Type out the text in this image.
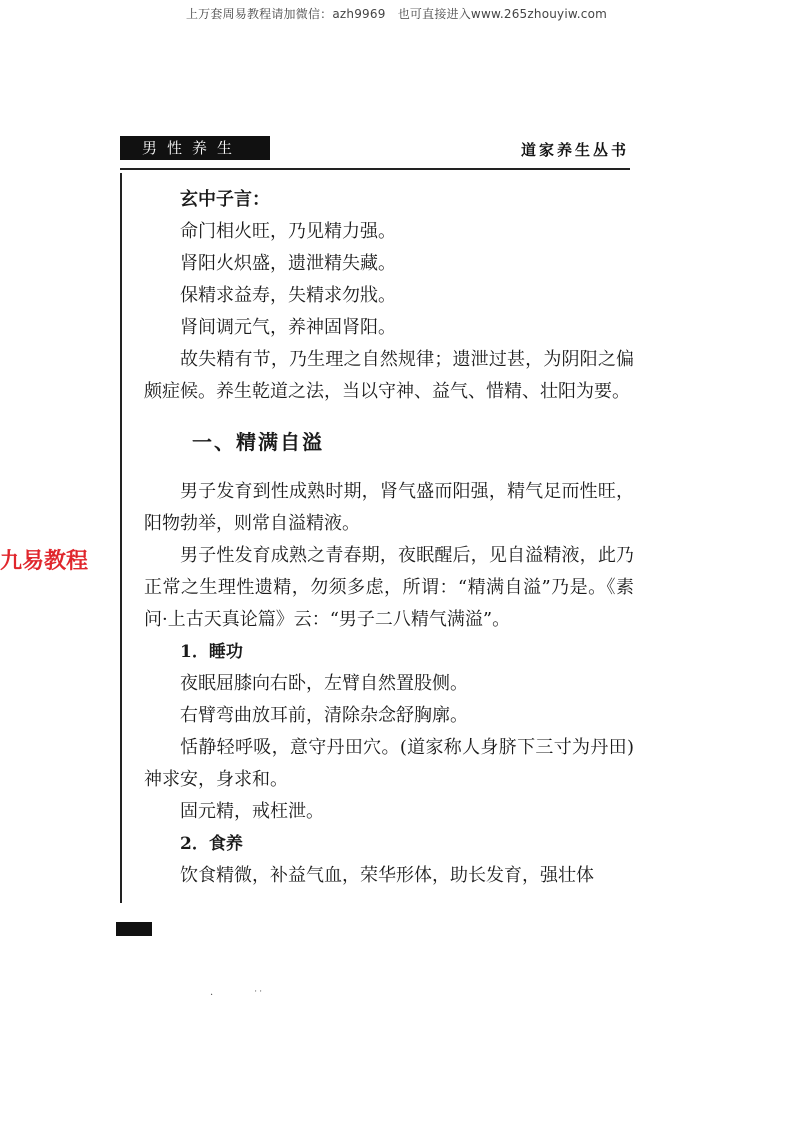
上万套周易教程请加微信：azh9969　也可直接进入www.265zhouyiw.com
男性养生	道家养生丛书
九易教程

玄中子言：

命门相火旺，乃见精力强。

肾阳火炽盛，遗泄精失藏。

保精求益寿，失精求勿戕。

肾间调元气，养神固肾阳。

故失精有节，乃生理之自然规律；遗泄过甚，为阴阳之偏颇症候。养生乾道之法，当以守神、益气、惜精、壮阳为要。

一、精满自溢

男子发育到性成熟时期，肾气盛而阳强，精气足而性旺，阳物勃举，则常自溢精液。

男子性发育成熟之青春期，夜眠醒后，见自溢精液，此乃正常之生理性遗精，勿须多虑，所谓：“精满自溢”乃是。《素问·上古天真论篇》云：“男子二八精气满溢”。

1．睡功

夜眠屈膝向右卧，左臂自然置股侧。

右臂弯曲放耳前，清除杂念舒胸廓。

恬静轻呼吸，意守丹田穴。(道家称人身脐下三寸为丹田)神求安，身求和。

固元精，戒枉泄。

2．食养

饮食精微，补益气血，荣华形体，助长发育，强壮体

·　　　　˙˙
